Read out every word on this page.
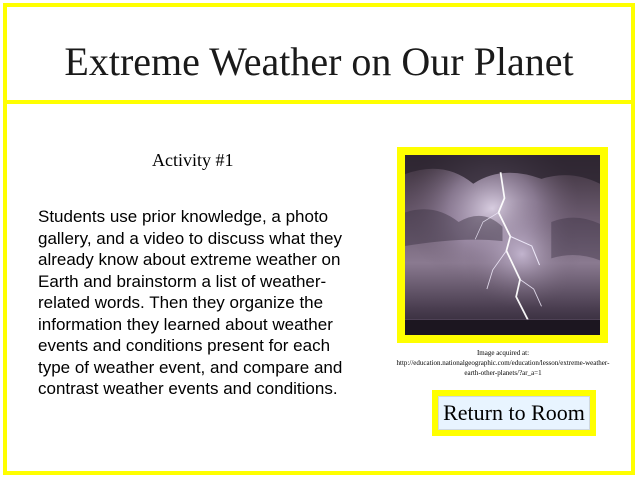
Extreme Weather on Our Planet
Activity #1
Students use prior knowledge, a photo gallery, and a video to discuss what they already know about extreme weather on Earth and brainstorm a list of weather-related words. Then they organize the information they learned about weather events and conditions present for each type of weather event, and compare and contrast weather events and conditions.
Image acquired at:
http://education.nationalgeographic.com/education/lesson/extreme-weather-earth-other-planets/?ar_a=1
Return to Room
